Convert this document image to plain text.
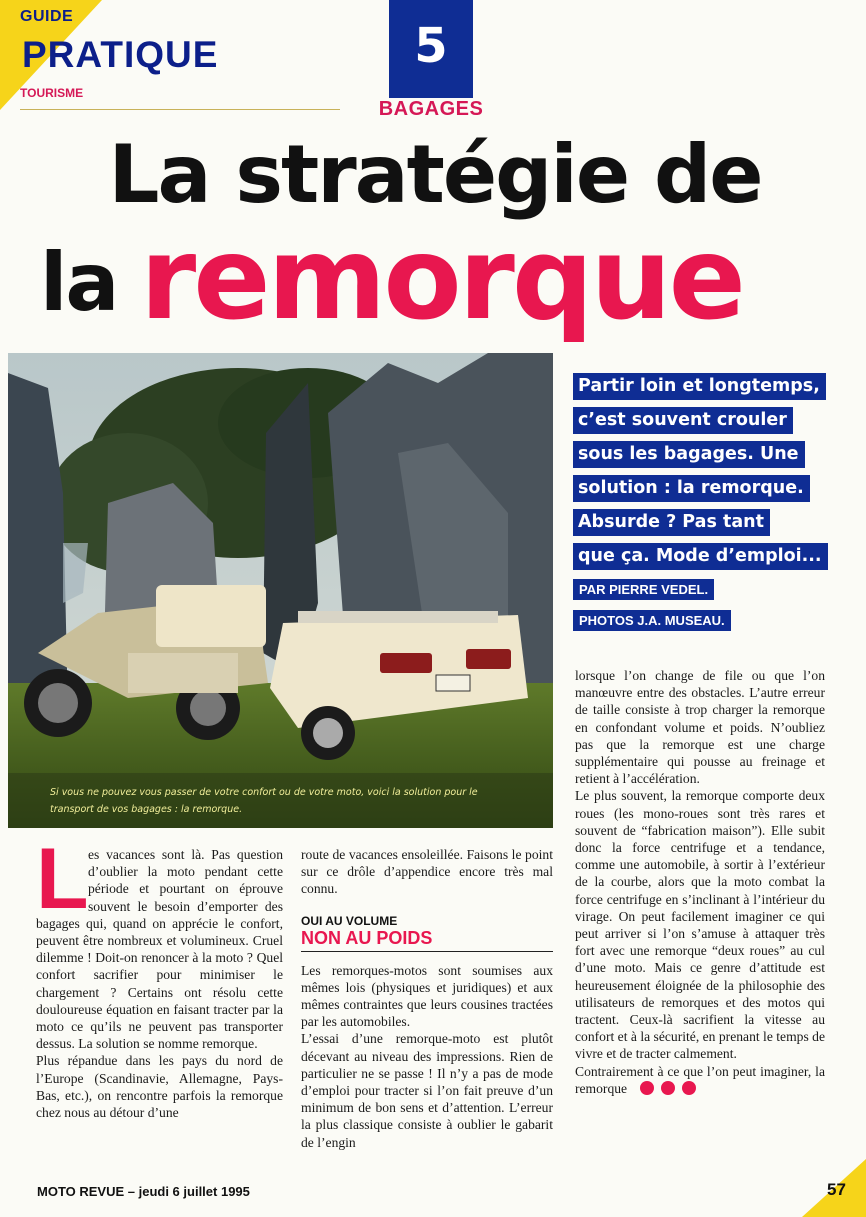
GUIDE
PRATIQUE
TOURISME
5
BAGAGES
La stratégie de
la remorque
Si vous ne pouvez vous passer de votre confort ou de votre moto, voici la solution pour le transport de vos bagages : la remorque.
Partir loin et longtemps,
c’est souvent crouler
sous les bagages. Une
solution : la remorque.
Absurde ? Pas tant
que ça. Mode d’emploi...
PAR PIERRE VEDEL.
PHOTOS J.A. MUSEAU.
L es vacances sont là. Pas question d’oublier la moto pendant cette période et pourtant on éprouve souvent le besoin d’emporter des bagages qui, quand on apprécie le confort, peuvent être nombreux et volumineux. Cruel dilemme ! Doit-on renoncer à la moto ? Quel confort sacrifier pour minimiser le chargement ? Certains ont résolu cette douloureuse équation en faisant tracter par la moto ce qu’ils ne peuvent pas transporter dessus. La solution se nomme remorque.

Plus répandue dans les pays du nord de l’Europe (Scandinavie, Allemagne, Pays-Bas, etc.), on rencontre parfois la remorque chez nous au détour d’une

route de vacances ensoleillée. Faisons le point sur ce drôle d’appendice encore très mal connu.

OUI AU VOLUME
NON AU POIDS

Les remorques-motos sont soumises aux mêmes lois (physiques et juridiques) et aux mêmes contraintes que leurs cousines tractées par les automobiles.

L’essai d’une remorque-moto est plutôt décevant au niveau des impressions. Rien de particulier ne se passe ! Il n’y a pas de mode d’emploi pour tracter si l’on fait preuve d’un minimum de bon sens et d’attention. L’erreur la plus classique consiste à oublier le gabarit de l’engin

lorsque l’on change de file ou que l’on manœuvre entre des obstacles. L’autre erreur de taille consiste à trop charger la remorque en confondant volume et poids. N’oubliez pas que la remorque est une charge supplémentaire qui pousse au freinage et retient à l’accélération.

Le plus souvent, la remorque comporte deux roues (les mono-roues sont très rares et souvent de “fabrication maison”). Elle subit donc la force centrifuge et a tendance, comme une automobile, à sortir à l’extérieur de la courbe, alors que la moto combat la force centrifuge en s’inclinant à l’intérieur du virage. On peut facilement imaginer ce qui peut arriver si l’on s’amuse à attaquer très fort avec une remorque “deux roues” au cul d’une moto. Mais ce genre d’attitude est heureusement éloignée de la philosophie des utilisateurs de remorques et des motos qui tractent. Ceux-là sacrifient la vitesse au confort et à la sécurité, en prenant le temps de vivre et de tracter calmement.

Contrairement à ce que l’on peut imaginer, la remorque

MOTO REVUE – jeudi 6 juillet 1995	57
